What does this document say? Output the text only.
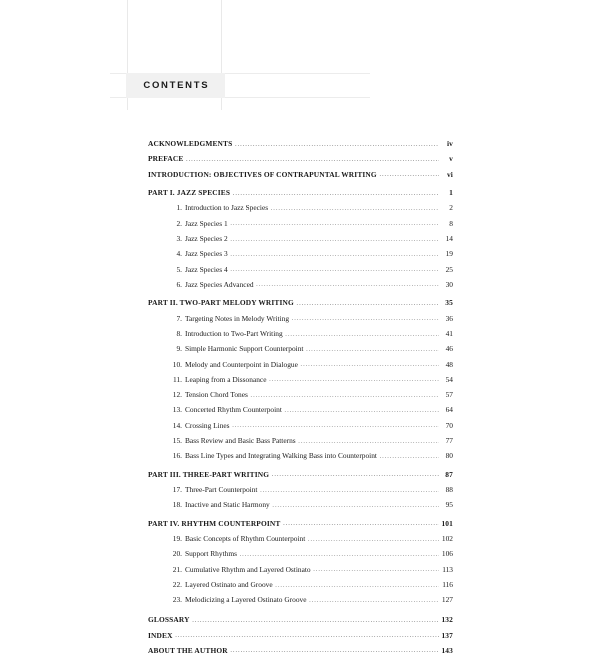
CONTENTS
ACKNOWLEDGMENTS .....	iv
PREFACE .....	v
INTRODUCTION: OBJECTIVES OF CONTRAPUNTAL WRITING .....	vi
PART I. JAZZ SPECIES .....	1
1. Introduction to Jazz Species .....	2
2. Jazz Species 1 .....	8
3. Jazz Species 2 .....	14
4. Jazz Species 3 .....	19
5. Jazz Species 4 .....	25
6. Jazz Species Advanced .....	30
PART II. TWO-PART MELODY WRITING .....	35
7. Targeting Notes in Melody Writing .....	36
8. Introduction to Two-Part Writing .....	41
9. Simple Harmonic Support Counterpoint .....	46
10. Melody and Counterpoint in Dialogue .....	48
11. Leaping from a Dissonance .....	54
12. Tension Chord Tones .....	57
13. Concerted Rhythm Counterpoint .....	64
14. Crossing Lines .....	70
15. Bass Review and Basic Bass Patterns .....	77
16. Bass Line Types and Integrating Walking Bass into Counterpoint .....	80
PART III. THREE-PART WRITING .....	87
17. Three-Part Counterpoint .....	88
18. Inactive and Static Harmony .....	95
PART IV. RHYTHM COUNTERPOINT .....	101
19. Basic Concepts of Rhythm Counterpoint .....	102
20. Support Rhythms .....	106
21. Cumulative Rhythm and Layered Ostinato .....	113
22. Layered Ostinato and Groove .....	116
23. Melodicizing a Layered Ostinato Groove .....	127
GLOSSARY .....	132
INDEX .....	137
ABOUT THE AUTHOR .....	143
